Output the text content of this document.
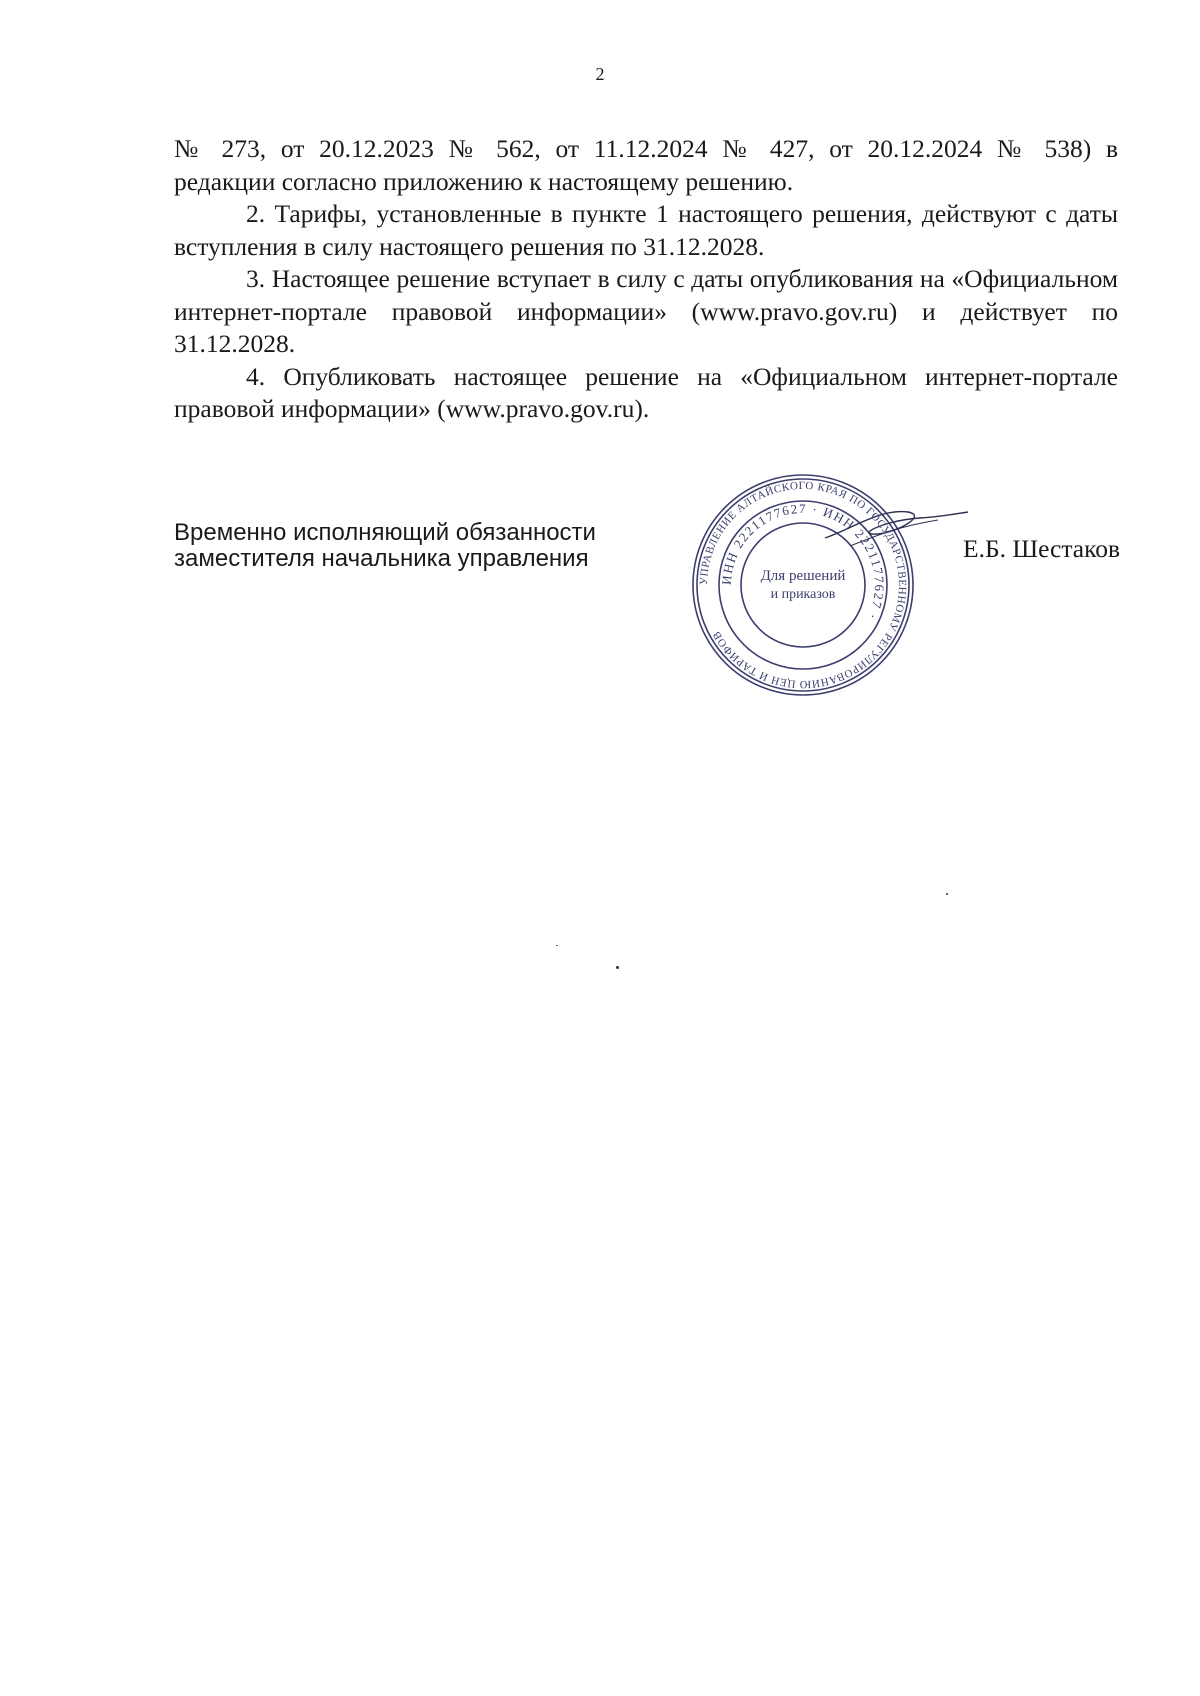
2

№ 273, от 20.12.2023 № 562, от 11.12.2024 № 427, от 20.12.2024 № 538) в
редакции согласно приложению к настоящему решению.

2. Тарифы, установленные в пункте 1 настоящего решения, действуют с даты вступления в силу настоящего решения по 31.12.2028.

3. Настоящее решение вступает в силу с даты опубликования на «Официальном интернет-портале правовой информации» (www.pravo.gov.ru) и действует по 31.12.2028.

4. Опубликовать настоящее решение на «Официальном интернет-портале правовой информации» (www.pravo.gov.ru).

Временно исполняющий обязанности
заместителя начальника управления
УПРАВЛЕНИЕ АЛТАЙСКОГО КРАЯ ПО ГОСУДАРСТВЕННОМУ РЕГУЛИРОВАНИЮ ЦЕН И ТАРИФОВ
ИНН 2221177627 · ИНН 2221177627 ·
Для решений
и приказов
Е.Б. Шестаков
